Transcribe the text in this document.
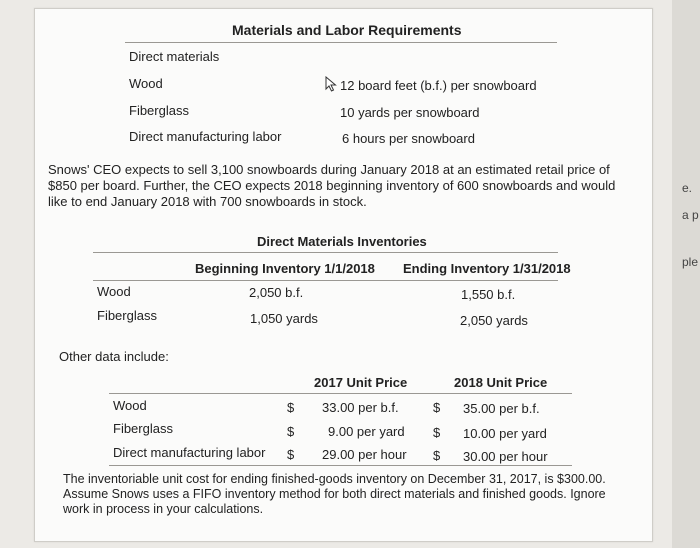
e.
a p
ple
Materials and Labor Requirements
Direct materials
Wood	12 board feet (b.f.) per snowboard
Fiberglass	10 yards per snowboard
Direct manufacturing labor	6 hours per snowboard
Snows' CEO expects to sell 3,100 snowboards during January 2018 at an estimated retail price of $850 per board. Further, the CEO expects 2018 beginning inventory of 600 snowboards and would like to end January 2018 with 700 snowboards in stock.
Direct Materials Inventories
Beginning Inventory 1/1/2018 Ending Inventory 1/31/2018
Wood	2,050 b.f.	1,550 b.f.
Fiberglass	1,050 yards	2,050 yards
Other data include:
2017 Unit Price	2018 Unit Price
Wood	$ 33.00 per b.f.	$ 35.00 per b.f.
Fiberglass	$	9.00 per yard $ 10.00 per yard
Direct manufacturing labor $ 29.00 per hour $ 30.00 per hour
The inventoriable unit cost for ending finished-goods inventory on December 31, 2017, is $300.00. Assume Snows uses a FIFO inventory method for both direct materials and finished goods. Ignore work in process in your calculations.
